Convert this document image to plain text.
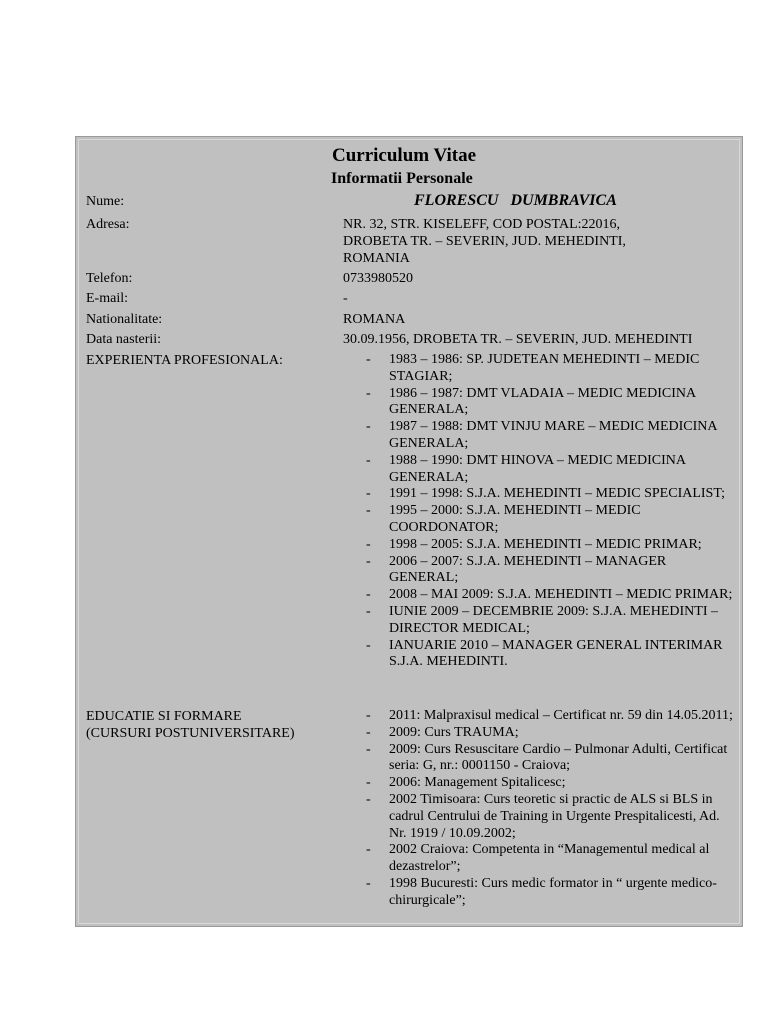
Curriculum Vitae
Informatii Personale
Nume:	FLORESCU   DUMBRAVICA
Adresa:	NR. 32, STR. KISELEFF, COD POSTAL:22016,
DROBETA TR. – SEVERIN, JUD. MEHEDINTI,
ROMANIA
Telefon:	0733980520
E-mail:	-
Nationalitate:	ROMANA
Data nasterii:	30.09.1956, DROBETA TR. – SEVERIN, JUD. MEHEDINTI
EXPERIENTA PROFESIONALA:
-	1983 – 1986: SP. JUDETEAN MEHEDINTI – MEDIC STAGIAR;
- 1986 – 1987: DMT VLADAIA – MEDIC MEDICINA GENERALA;
- 1987 – 1988: DMT VINJU MARE – MEDIC MEDICINA GENERALA;
- 1988 – 1990: DMT HINOVA – MEDIC MEDICINA GENERALA;
- 1991 – 1998: S.J.A. MEHEDINTI – MEDIC SPECIALIST;
- 1995 – 2000: S.J.A. MEHEDINTI – MEDIC COORDONATOR;
- 1998 – 2005: S.J.A. MEHEDINTI – MEDIC PRIMAR;
- 2006 – 2007: S.J.A. MEHEDINTI – MANAGER GENERAL;
- 2008 – MAI 2009: S.J.A. MEHEDINTI – MEDIC PRIMAR;
- IUNIE 2009 – DECEMBRIE 2009: S.J.A. MEHEDINTI – DIRECTOR MEDICAL;
- IANUARIE 2010 – MANAGER GENERAL INTERIMAR S.J.A. MEHEDINTI.
EDUCATIE SI FORMARE
(CURSURI POSTUNIVERSITARE)
- 2011: Malpraxisul medical – Certificat nr. 59 din 14.05.2011;
- 2009: Curs TRAUMA;
- 2009: Curs Resuscitare Cardio – Pulmonar Adulti, Certificat seria: G, nr.: 0001150 - Craiova;
- 2006: Management Spitalicesc;
- 2002 Timisoara: Curs teoretic si practic de ALS si BLS in cadrul Centrului de Training in Urgente Prespitalicesti, Ad. Nr. 1919 / 10.09.2002;
- 2002 Craiova: Competenta in “Managementul medical al dezastrelor”;
- 1998 Bucuresti: Curs medic formator in “ urgente medico-chirurgicale”;
